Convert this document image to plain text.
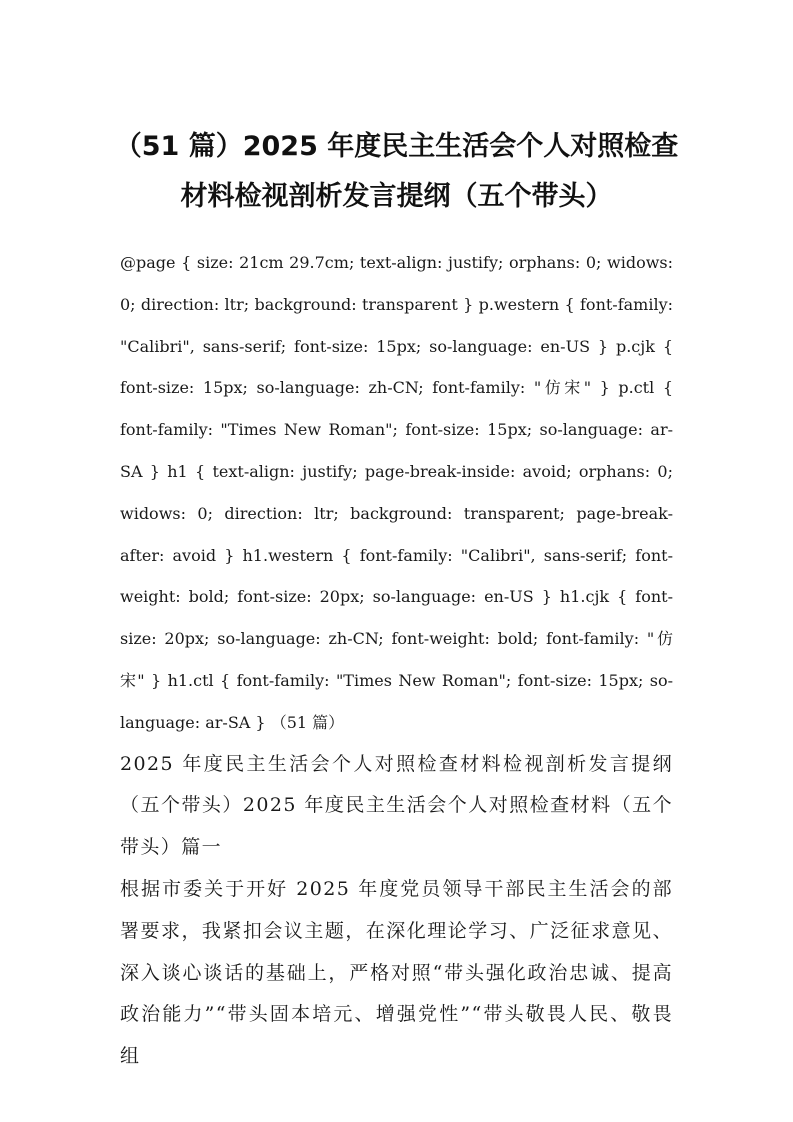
（51 篇）2025 年度民主生活会个人对照检查材料检视剖析发言提纲（五个带头）

@page { size: 21cm 29.7cm; text-align: justify; orphans: 0; widows: 0; direction: ltr; background: transparent } p.western { font-family: "Calibri", sans-serif; font-size: 15px; so-language: en-US } p.cjk { font-size: 15px; so-language: zh-CN; font-family: "仿宋" } p.ctl { font-family: "Times New Roman"; font-size: 15px; so-language: ar-SA } h1 { text-align: justify; page-break-inside: avoid; orphans: 0; widows: 0; direction: ltr; background: transparent; page-break-after: avoid } h1.western { font-family: "Calibri", sans-serif; font-weight: bold; font-size: 20px; so-language: en-US } h1.cjk { font-size: 20px; so-language: zh-CN; font-weight: bold; font-family: "仿宋" } h1.ctl { font-family: "Times New Roman"; font-size: 15px; so-language: ar-SA } （51 篇）

2025 年度民主生活会个人对照检查材料检视剖析发言提纲（五个带头）2025 年度民主生活会个人对照检查材料（五个带头）篇一

根据市委关于开好 2025 年度党员领导干部民主生活会的部署要求，我紧扣会议主题，在深化理论学习、广泛征求意见、深入谈心谈话的基础上，严格对照“带头强化政治忠诚、提高政治能力”“带头固本培元、增强党性”“带头敬畏人民、敬畏组
